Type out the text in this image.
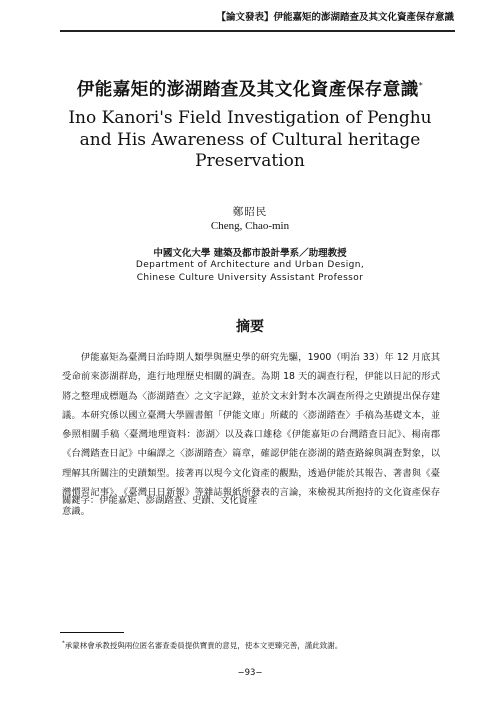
【論文發表】伊能嘉矩的澎湖踏查及其文化資產保存意識
伊能嘉矩的澎湖踏查及其文化資產保存意識*
Ino Kanori's Field Investigation of Penghu
and His Awareness of Cultural heritage
Preservation
鄭昭民
Cheng, Chao-min
中國文化大學 建築及都市設計學系／助理教授
Department of Architecture and Urban Design,
Chinese Culture University Assistant Professor
摘要
　　伊能嘉矩為臺灣日治時期人類學與歷史學的研究先驅，1900（明治 33）年 12 月底其受命前來澎湖群島，進行地理歷史相關的調查。為期 18 天的調查行程，伊能以日記的形式將之整理成標題為〈澎湖踏查〉之文字記錄，並於文末針對本次調查所得之史蹟提出保存建議。本研究係以國立臺灣大學圖書館「伊能文庫」所藏的〈澎湖踏查〉手稿為基礎文本，並參照相關手稿〈臺灣地理資料：澎湖〉以及森口雄稔《伊能嘉矩の台灣踏査日記》、楊南郡《台灣踏查日記》中編譯之〈澎湖踏查〉篇章，確認伊能在澎湖的踏查路線與調查對象，以理解其所關注的史蹟類型。接著再以現今文化資產的觀點，透過伊能於其報告、著書與《臺灣慣習記事》、《臺灣日日新報》等雜誌報紙所發表的言論，來檢視其所抱持的文化資產保存意識。
關鍵字：伊能嘉矩、澎湖踏查、史蹟、文化資產
*承蒙林會承教授與兩位匿名審查委員提供寶貴的意見，使本文更臻完善，謹此致謝。
−93−
